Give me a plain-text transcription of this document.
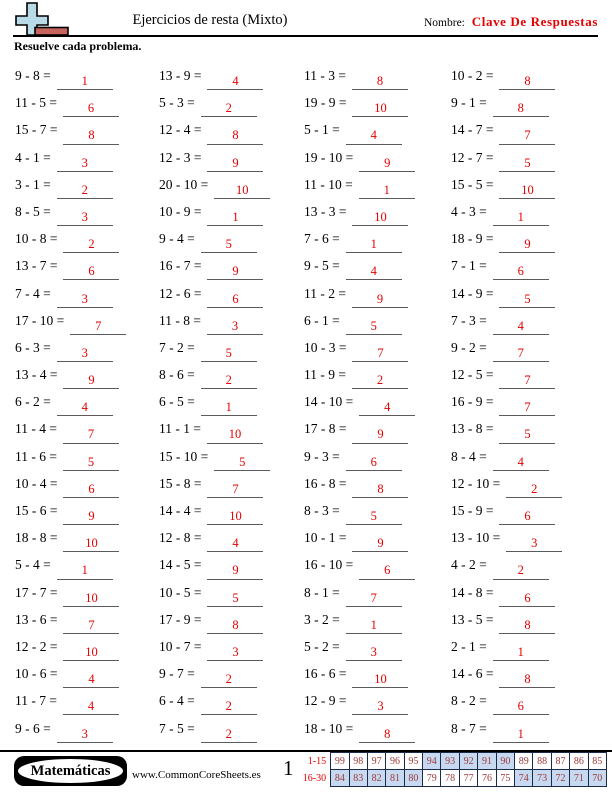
Ejercicios de resta (Mixto)	Nombre: Clave De Respuestas
Resuelve cada problema.
9 - 8 = 1
11 - 5 = 6
15 - 7 = 8
4 - 1 = 3
3 - 1 = 2
8 - 5 = 3
10 - 8 = 2
13 - 7 = 6
7 - 4 = 3
17 - 10 = 7
6 - 3 = 3
13 - 4 = 9
6 - 2 = 4
11 - 4 = 7
11 - 6 = 5
10 - 4 = 6
15 - 6 = 9
18 - 8 = 10
5 - 4 = 1
17 - 7 = 10
13 - 6 = 7
12 - 2 = 10
10 - 6 = 4
11 - 7 = 4
9 - 6 = 3
13 - 9 = 4
5 - 3 = 2
12 - 4 = 8
12 - 3 = 9
20 - 10 = 10
10 - 9 = 1
9 - 4 = 5
16 - 7 = 9
12 - 6 = 6
11 - 8 = 3
7 - 2 = 5
8 - 6 = 2
6 - 5 = 1
11 - 1 = 10
15 - 10 = 5
15 - 8 = 7
14 - 4 = 10
12 - 8 = 4
14 - 5 = 9
10 - 5 = 5
17 - 9 = 8
10 - 7 = 3
9 - 7 = 2
6 - 4 = 2
7 - 5 = 2
11 - 3 = 8
19 - 9 = 10
5 - 1 = 4
19 - 10 = 9
11 - 10 = 1
13 - 3 = 10
7 - 6 = 1
9 - 5 = 4
11 - 2 = 9
6 - 1 = 5
10 - 3 = 7
11 - 9 = 2
14 - 10 = 4
17 - 8 = 9
9 - 3 = 6
16 - 8 = 8
8 - 3 = 5
10 - 1 = 9
16 - 10 = 6
8 - 1 = 7
3 - 2 = 1
5 - 2 = 3
16 - 6 = 10
12 - 9 = 3
18 - 10 = 8
10 - 2 = 8
9 - 1 = 8
14 - 7 = 7
12 - 7 = 5
15 - 5 = 10
4 - 3 = 1
18 - 9 = 9
7 - 1 = 6
14 - 9 = 5
7 - 3 = 4
9 - 2 = 7
12 - 5 = 7
16 - 9 = 7
13 - 8 = 5
8 - 4 = 4
12 - 10 = 2
15 - 9 = 6
13 - 10 = 3
4 - 2 = 2
14 - 8 = 6
13 - 5 = 8
2 - 1 = 1
14 - 6 = 8
8 - 2 = 6
8 - 7 = 1
Matemáticas www.CommonCoreSheets.es 1 1-15	99	98	97	96	95	94	93	92	91	90	89	88	87	86	85
16-30	84	83	82	81	80	79	78	77	76	75	74	73	72	71	70
